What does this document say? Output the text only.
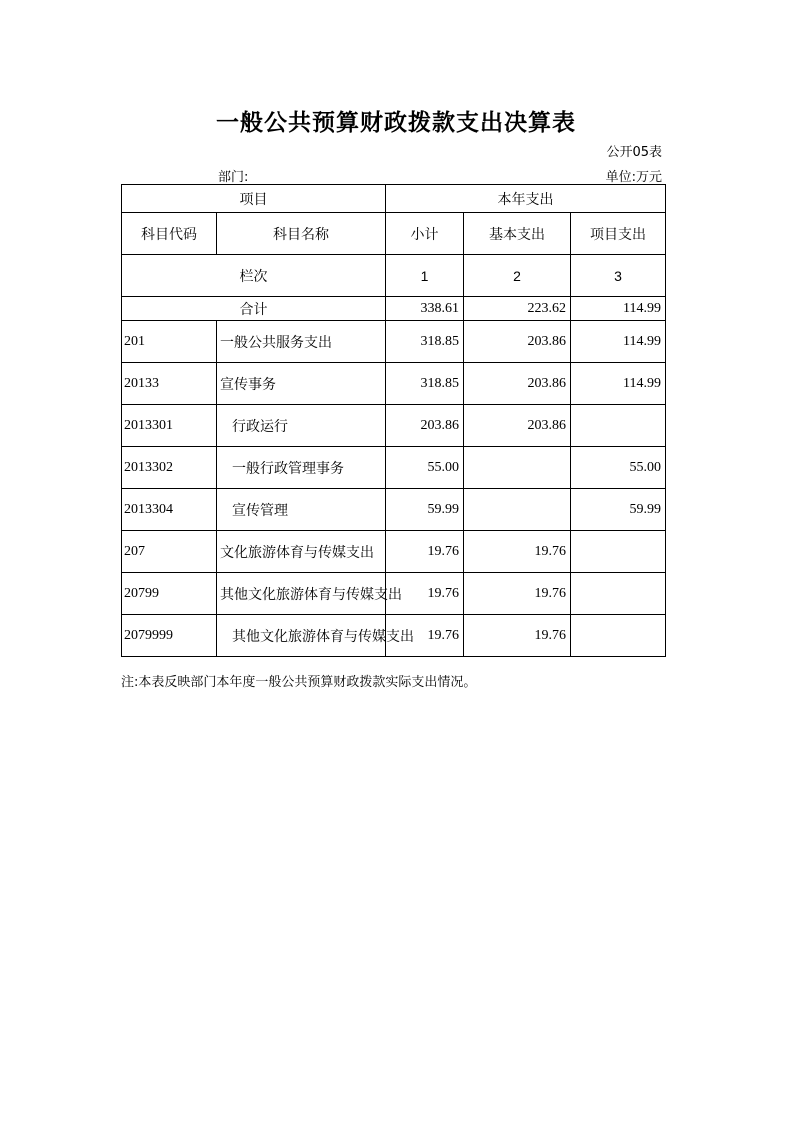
一般公共预算财政拨款支出决算表
公开05表
部门:	单位:万元
项目		本年支出		
科目代码	科目名称	小计	基本支出	项目支出
栏次		1	2	3
合计		338.61	223.62	114.99
201	一般公共服务支出	318.85	203.86	114.99
20133	宣传事务	318.85	203.86	114.99
2013301	行政运行	203.86	203.86	
2013302	一般行政管理事务	55.00		55.00
2013304	宣传管理	59.99		59.99
207	文化旅游体育与传媒支出	19.76	19.76	
20799	其他文化旅游体育与传媒支出	19.76	19.76	
2079999	其他文化旅游体育与传媒支出	19.76	19.76	
注:本表反映部门本年度一般公共预算财政拨款实际支出情况。
